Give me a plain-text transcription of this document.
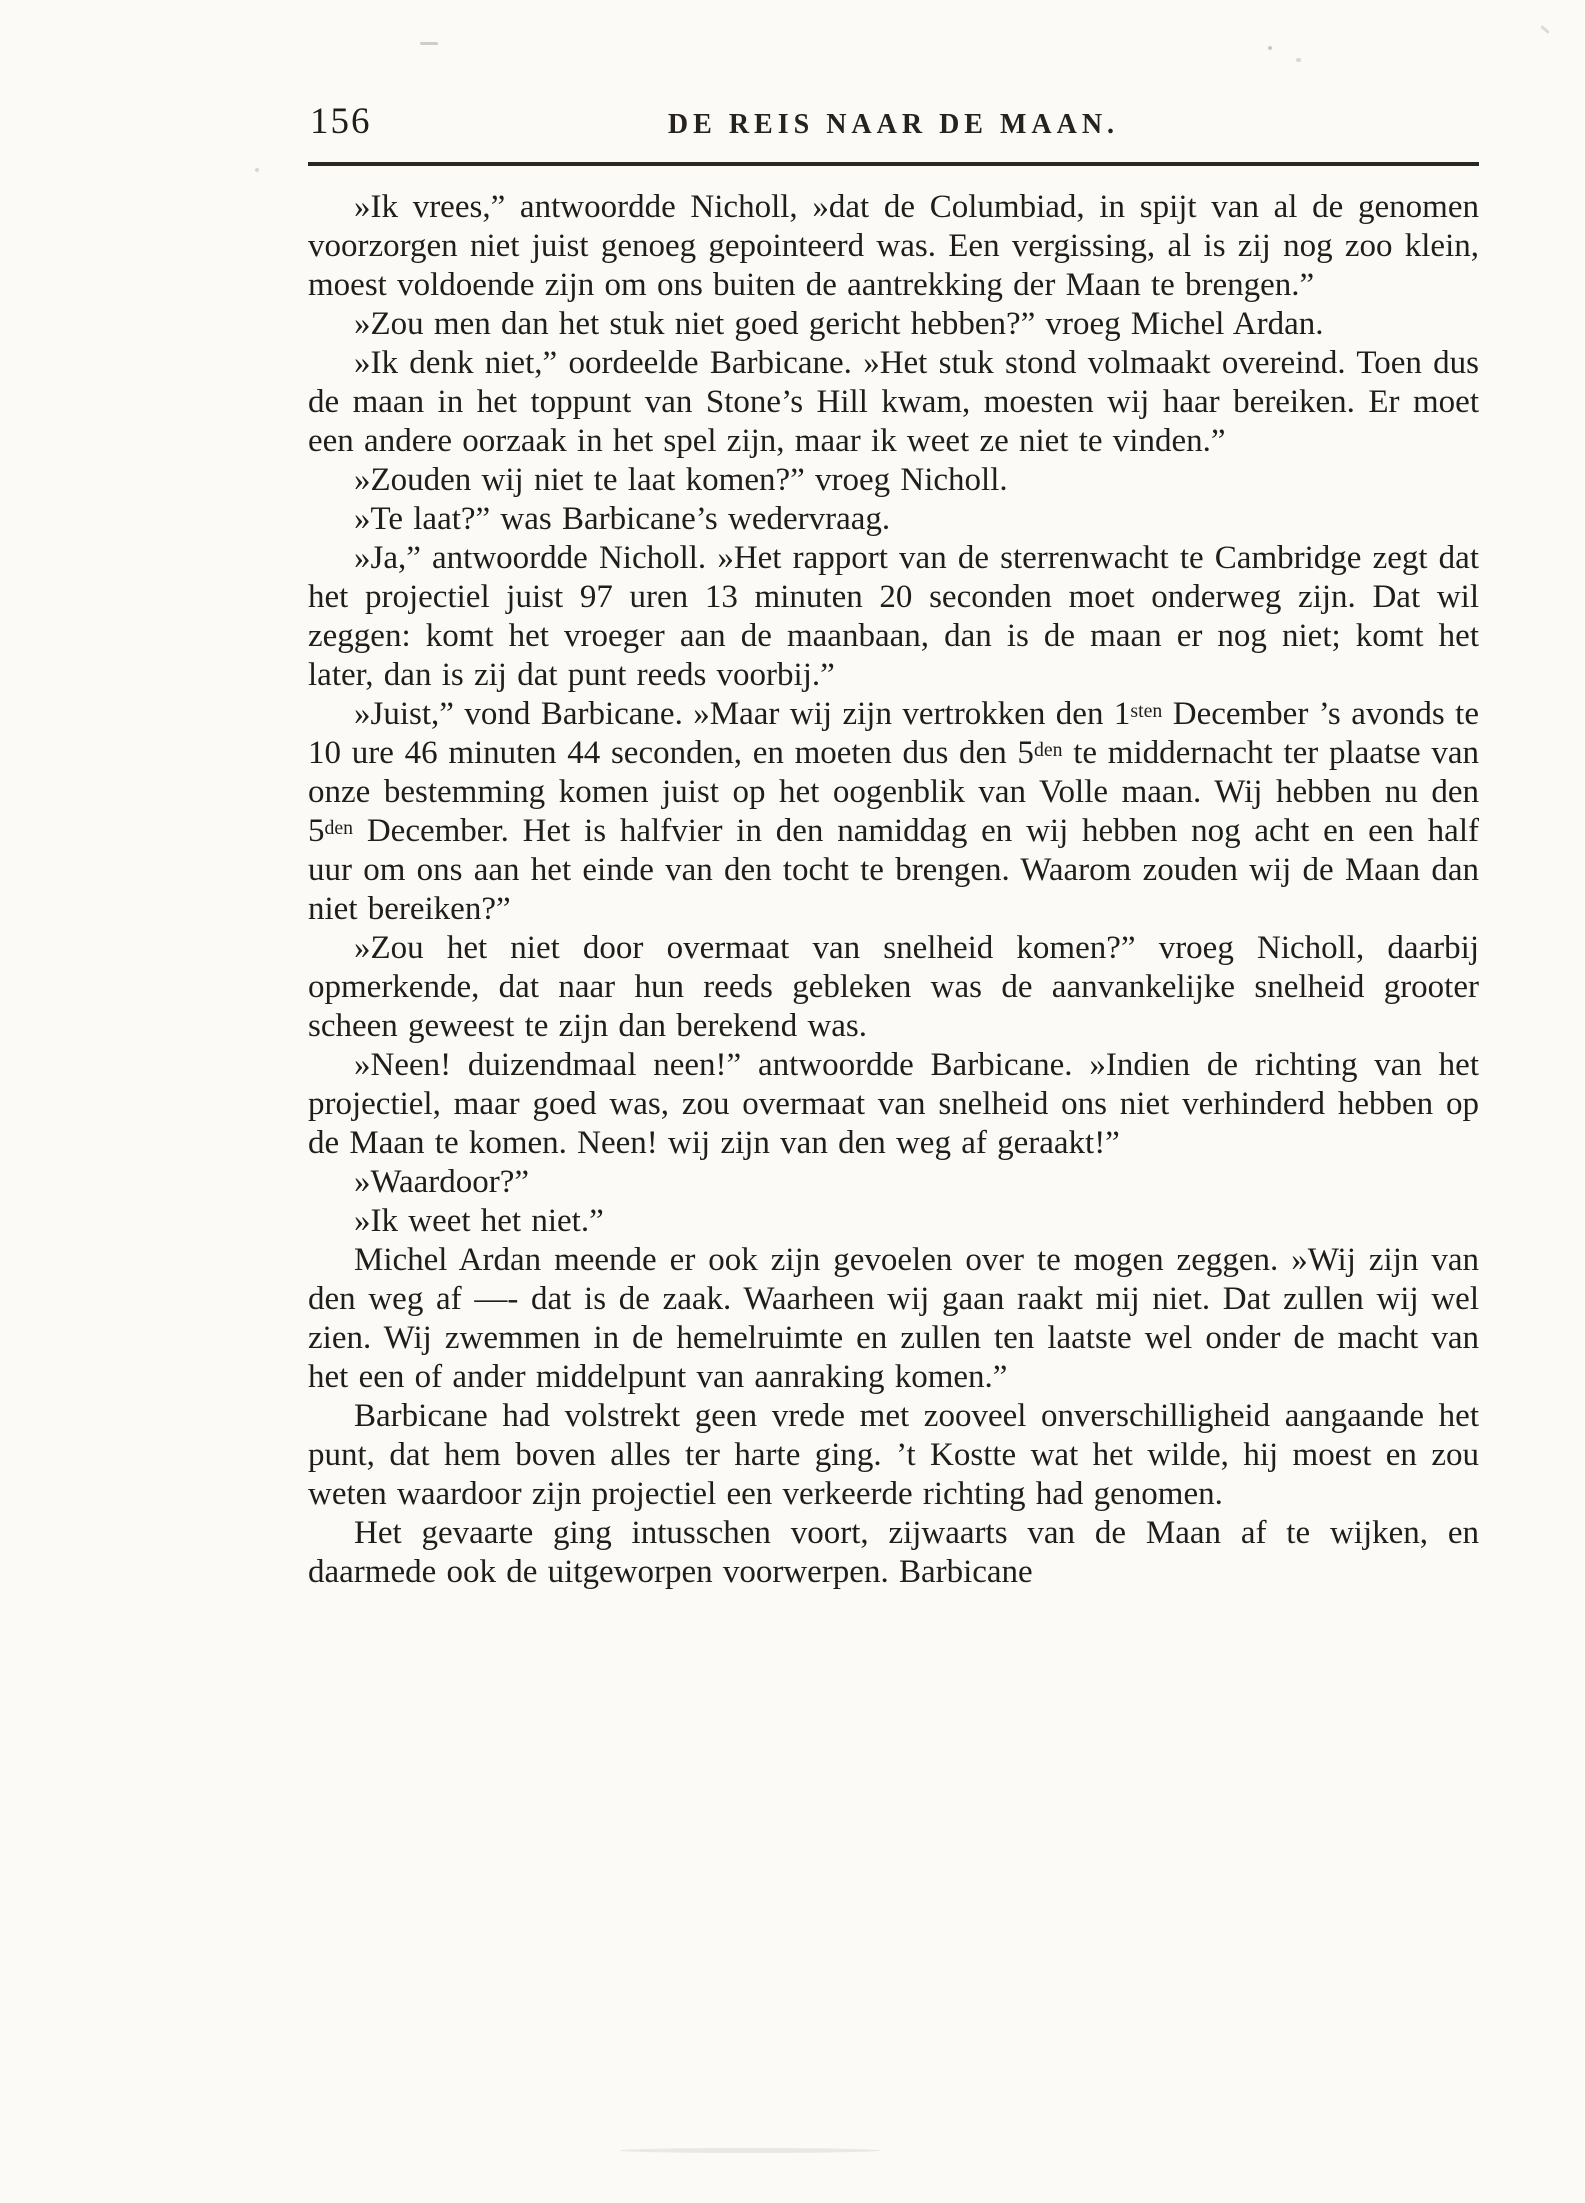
156	DE REIS NAAR DE MAAN.

»Ik vrees,” antwoordde Nicholl, »dat de Columbiad, in spijt van al de genomen voorzorgen niet juist genoeg gepointeerd was. Een vergissing, al is zij nog zoo klein, moest voldoende zijn om ons buiten de aantrekking der Maan te brengen.”

»Zou men dan het stuk niet goed gericht hebben?” vroeg Michel Ardan.

»Ik denk niet,” oordeelde Barbicane. »Het stuk stond volmaakt overeind. Toen dus de maan in het toppunt van Stone’s Hill kwam, moesten wij haar bereiken. Er moet een andere oorzaak in het spel zijn, maar ik weet ze niet te vinden.”

»Zouden wij niet te laat komen?” vroeg Nicholl.

»Te laat?” was Barbicane’s wedervraag.

»Ja,” antwoordde Nicholl. »Het rapport van de sterrenwacht te Cambridge zegt dat het projectiel juist 97 uren 13 minuten 20 seconden moet onderweg zijn. Dat wil zeggen: komt het vroeger aan de maanbaan, dan is de maan er nog niet; komt het later, dan is zij dat punt reeds voorbij.”

»Juist,” vond Barbicane. »Maar wij zijn vertrokken den $1^{sten}$ December ’s avonds te 10 ure 46 minuten 44 seconden, en moeten dus den $5^{den}$ te middernacht ter plaatse van onze bestemming komen juist op het oogenblik van Volle maan. Wij hebben nu den $5^{den}$ December. Het is halfvier in den namiddag en wij hebben nog acht en een half uur om ons aan het einde van den tocht te brengen. Waarom zouden wij de Maan dan niet bereiken?”

»Zou het niet door overmaat van snelheid komen?” vroeg Nicholl, daarbij opmerkende, dat naar hun reeds gebleken was de aanvankelijke snelheid grooter scheen geweest te zijn dan berekend was.

»Neen! duizendmaal neen!” antwoordde Barbicane. »Indien de richting van het projectiel, maar goed was, zou overmaat van snelheid ons niet verhinderd hebben op de Maan te komen. Neen! wij zijn van den weg af geraakt!”

»Waardoor?”

»Ik weet het niet.”

Michel Ardan meende er ook zijn gevoelen over te mogen zeggen. »Wij zijn van den weg af —- dat is de zaak. Waarheen wij gaan raakt mij niet. Dat zullen wij wel zien. Wij zwemmen in de hemelruimte en zullen ten laatste wel onder de macht van het een of ander middelpunt van aanraking komen.”

Barbicane had volstrekt geen vrede met zooveel onverschilligheid aangaande het punt, dat hem boven alles ter harte ging. ’t Kostte wat het wilde, hij moest en zou weten waardoor zijn projectiel een verkeerde richting had genomen.

Het gevaarte ging intusschen voort, zijwaarts van de Maan af te wijken, en daarmede ook de uitgeworpen voorwerpen. Barbicane
